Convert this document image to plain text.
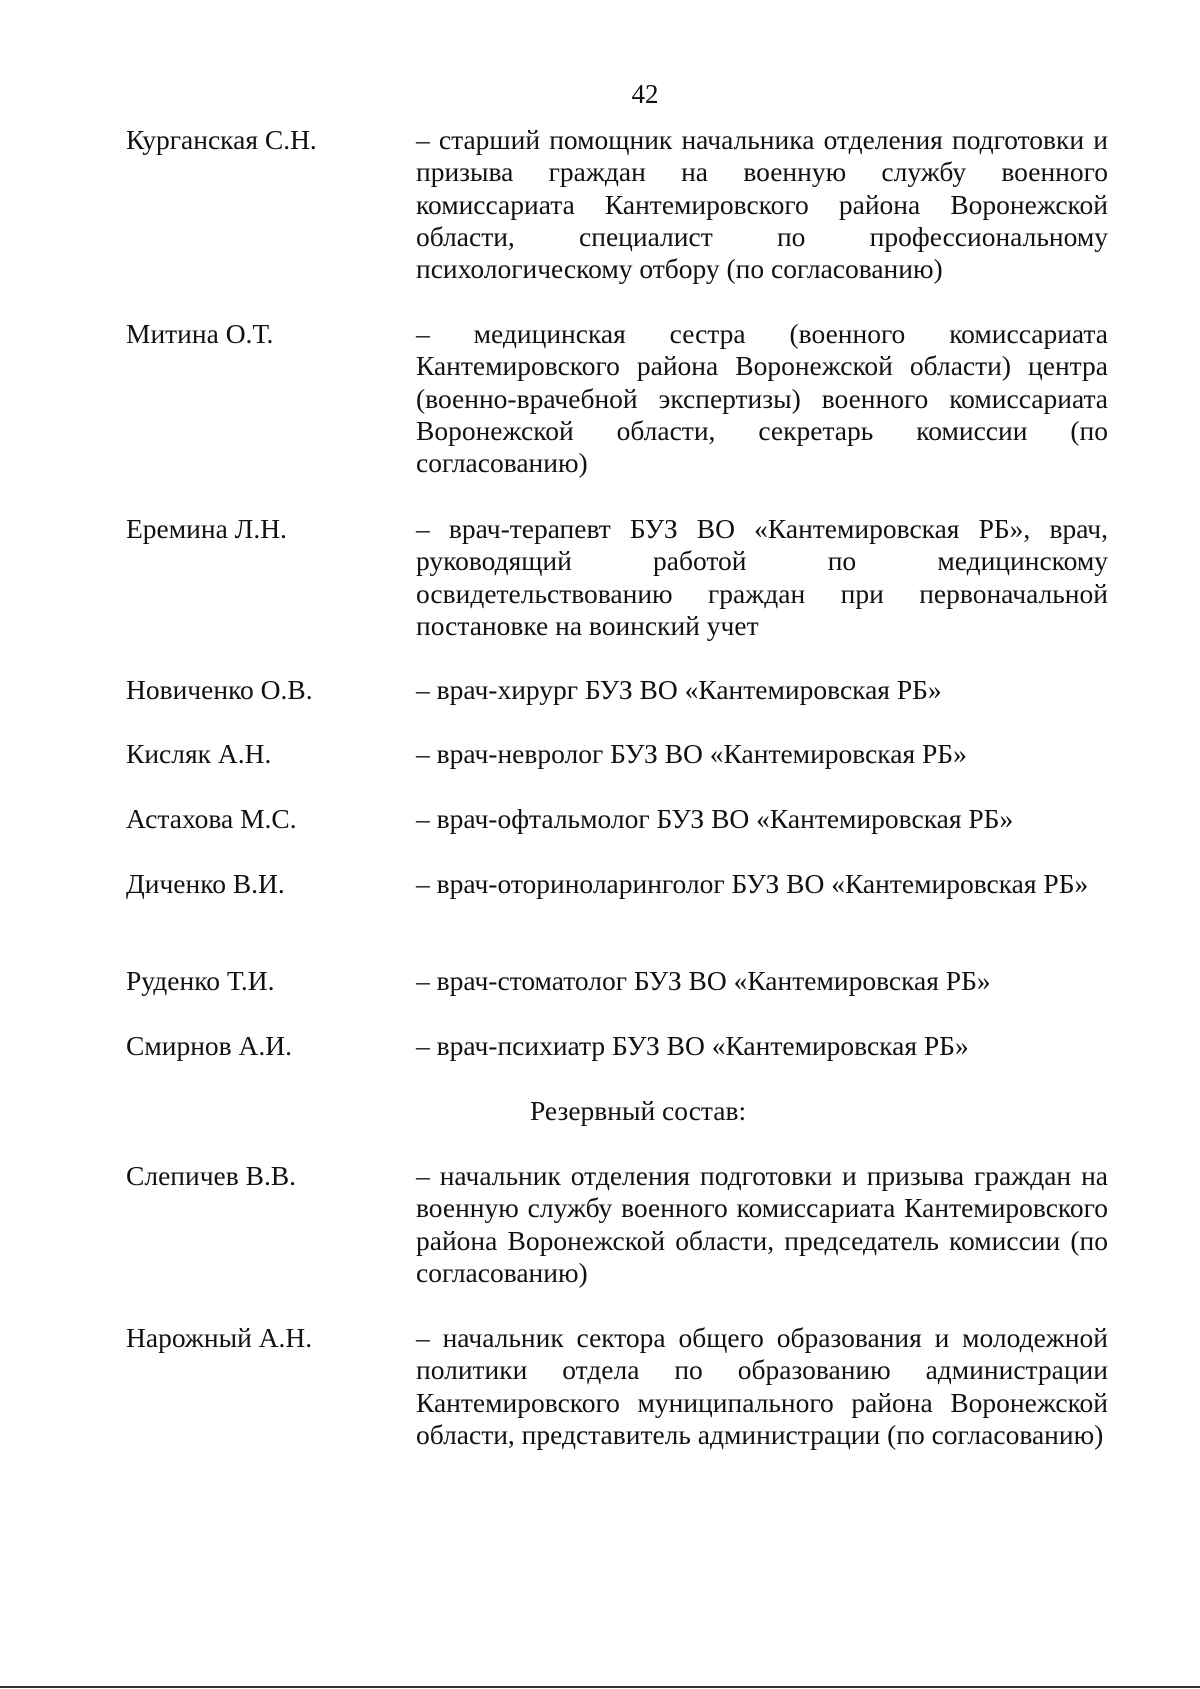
42
Курганская С.Н.	– старший помощник начальника отделения подготовки и призыва граждан на военную службу военного комиссариата Кантемировского района Воронежской области, специалист по профессиональному психологическому отбору (по согласованию)
Митина О.Т.	– медицинская сестра (военного комиссариата Кантемировского района Воронежской области) центра (военно-врачебной экспертизы) военного комиссариата Воронежской области, секретарь комиссии (по согласованию)
Еремина Л.Н.	– врач-терапевт БУЗ ВО «Кантемировская РБ», врач, руководящий работой по медицинскому освидетельствованию граждан при первоначальной постановке на воинский учет
Новиченко О.В.	– врач-хирург БУЗ ВО «Кантемировская РБ»
Кисляк А.Н.	– врач-невролог БУЗ ВО «Кантемировская РБ»
Астахова М.С.	– врач-офтальмолог БУЗ ВО «Кантемировская РБ»
Диченко В.И.	– врач-оториноларинголог БУЗ ВО «Кантемировская РБ»
Руденко Т.И.	– врач-стоматолог БУЗ ВО «Кантемировская РБ»
Смирнов А.И.	– врач-психиатр БУЗ ВО «Кантемировская РБ»
Резервный состав:
Слепичев В.В.	– начальник отделения подготовки и призыва граждан на военную службу военного комиссариата Кантемировского района Воронежской области, председатель комиссии (по согласованию)
Нарожный А.Н.	– начальник сектора общего образования и молодежной политики отдела по образованию администрации Кантемировского муниципального района Воронежской области, представитель администрации (по согласованию)
